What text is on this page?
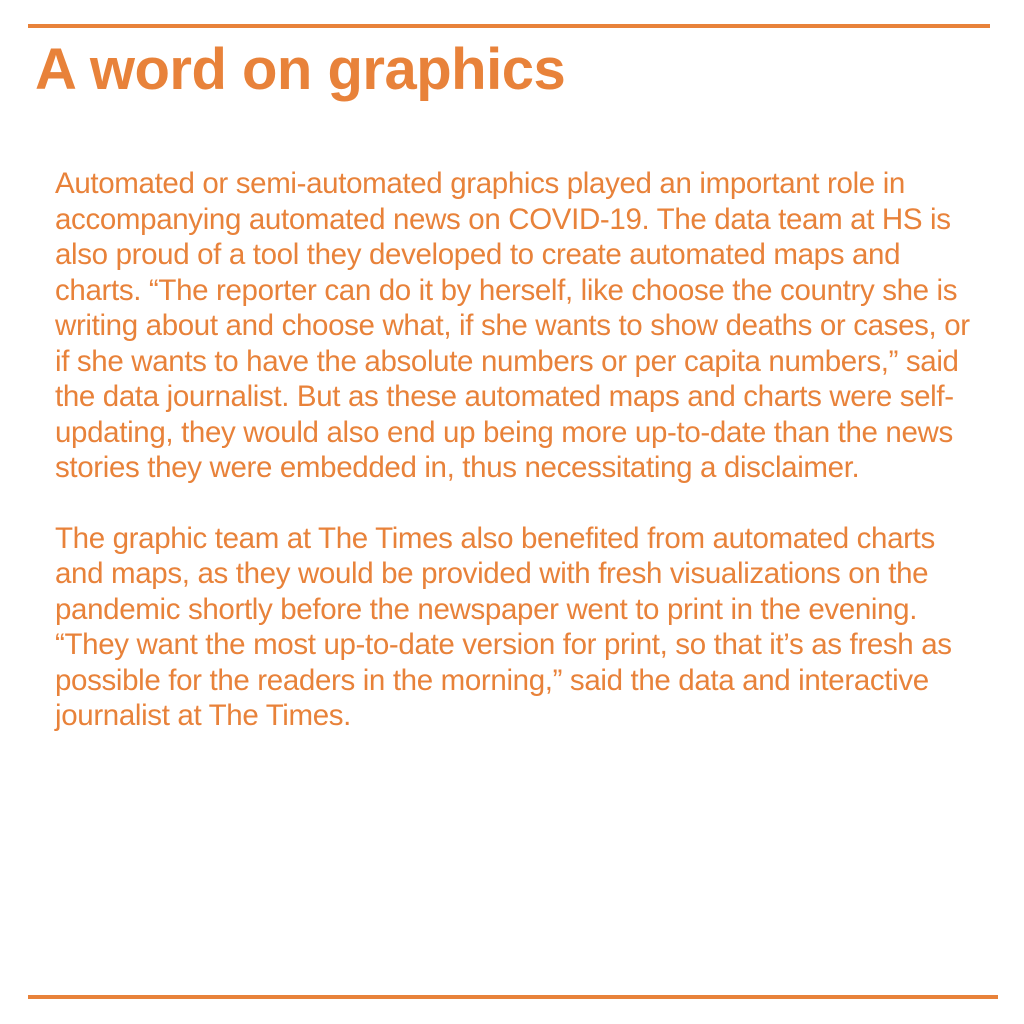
A word on graphics

Automated or semi-automated graphics played an important role in accompanying automated news on COVID-19. The data team at HS is also proud of a tool they developed to create automated maps and charts. “The reporter can do it by herself, like choose the country she is writing about and choose what, if she wants to show deaths or cases, or if she wants to have the absolute numbers or per capita numbers,” said the data journalist. But as these automated maps and charts were self-updating, they would also end up being more up-to-date than the news stories they were embedded in, thus necessitating a disclaimer.

The graphic team at The Times also benefited from automated charts and maps, as they would be provided with fresh visualizations on the pandemic shortly before the newspaper went to print in the evening. “They want the most up-to-date version for print, so that it’s as fresh as possible for the readers in the morning,” said the data and interactive journalist at The Times.
